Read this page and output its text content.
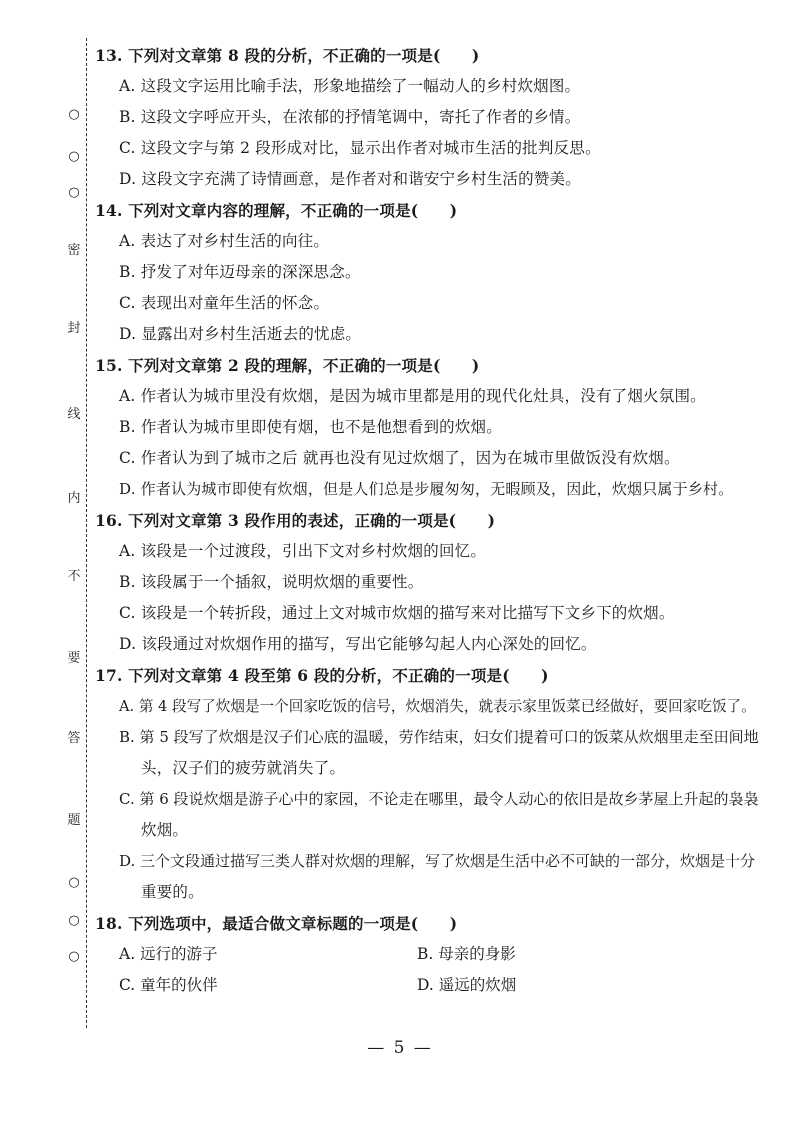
○
○
○
密
封
线
内
不
要
答
题
○
○
○
13. 下列对文章第 8 段的分析，不正确的一项是(　　)
A. 这段文字运用比喻手法，形象地描绘了一幅动人的乡村炊烟图。
B. 这段文字呼应开头，在浓郁的抒情笔调中，寄托了作者的乡情。
C. 这段文字与第 2 段形成对比，显示出作者对城市生活的批判反思。
D. 这段文字充满了诗情画意，是作者对和谐安宁乡村生活的赞美。
14. 下列对文章内容的理解，不正确的一项是(　　)
A. 表达了对乡村生活的向往。
B. 抒发了对年迈母亲的深深思念。
C. 表现出对童年生活的怀念。
D. 显露出对乡村生活逝去的忧虑。
15. 下列对文章第 2 段的理解，不正确的一项是(　　)
A. 作者认为城市里没有炊烟，是因为城市里都是用的现代化灶具，没有了烟火氛围。
B. 作者认为城市里即使有烟，也不是他想看到的炊烟。
C. 作者认为到了城市之后 就再也没有见过炊烟了，因为在城市里做饭没有炊烟。
D. 作者认为城市即使有炊烟，但是人们总是步履匆匆，无暇顾及，因此，炊烟只属于乡村。
16. 下列对文章第 3 段作用的表述，正确的一项是(　　)
A. 该段是一个过渡段，引出下文对乡村炊烟的回忆。
B. 该段属于一个插叙，说明炊烟的重要性。
C. 该段是一个转折段，通过上文对城市炊烟的描写来对比描写下文乡下的炊烟。
D. 该段通过对炊烟作用的描写，写出它能够勾起人内心深处的回忆。
17. 下列对文章第 4 段至第 6 段的分析，不正确的一项是(　　)
A. 第 4 段写了炊烟是一个回家吃饭的信号，炊烟消失，就表示家里饭菜已经做好，要回家吃饭了。
B. 第 5 段写了炊烟是汉子们心底的温暖，劳作结束，妇女们提着可口的饭菜从炊烟里走至田间地
头，汉子们的疲劳就消失了。
C. 第 6 段说炊烟是游子心中的家园，不论走在哪里，最令人动心的依旧是故乡茅屋上升起的袅袅
炊烟。
D. 三个文段通过描写三类人群对炊烟的理解，写了炊烟是生活中必不可缺的一部分，炊烟是十分
重要的。
18. 下列选项中，最适合做文章标题的一项是(　　)
A. 远行的游子	B. 母亲的身影
C. 童年的伙伴	D. 遥远的炊烟
— 5 —
